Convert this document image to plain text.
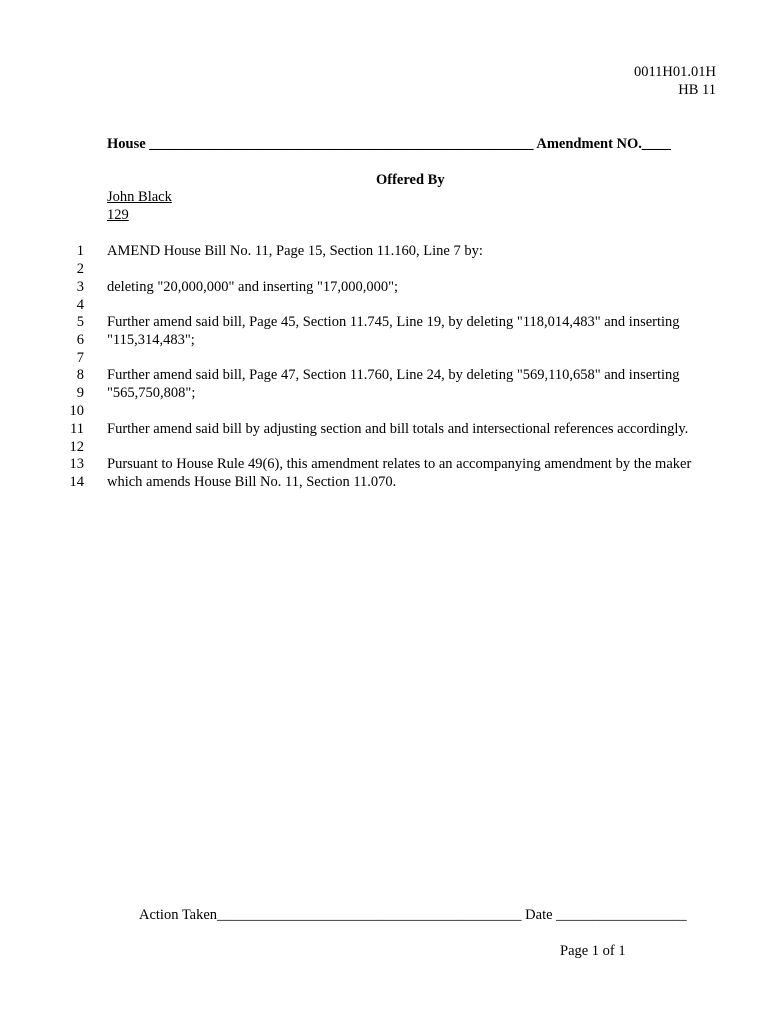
0011H01.01H
HB 11
House _____________________________________________________ Amendment NO.____
Offered By
John Black
129
1 AMEND House Bill No. 11, Page 15, Section 11.160, Line 7 by:
2
3 deleting "20,000,000" and inserting "17,000,000";
4
5 Further amend said bill, Page 45, Section 11.745, Line 19, by deleting "118,014,483" and inserting
6 "115,314,483";
7
8 Further amend said bill, Page 47, Section 11.760, Line 24, by deleting "569,110,658" and inserting
9 "565,750,808";
10
11 Further amend said bill by adjusting section and bill totals and intersectional references accordingly.
12
13 Pursuant to House Rule 49(6), this amendment relates to an accompanying amendment by the maker
14 which amends House Bill No. 11, Section 11.070.
Action Taken__________________________________________ Date __________________
Page 1 of 1
